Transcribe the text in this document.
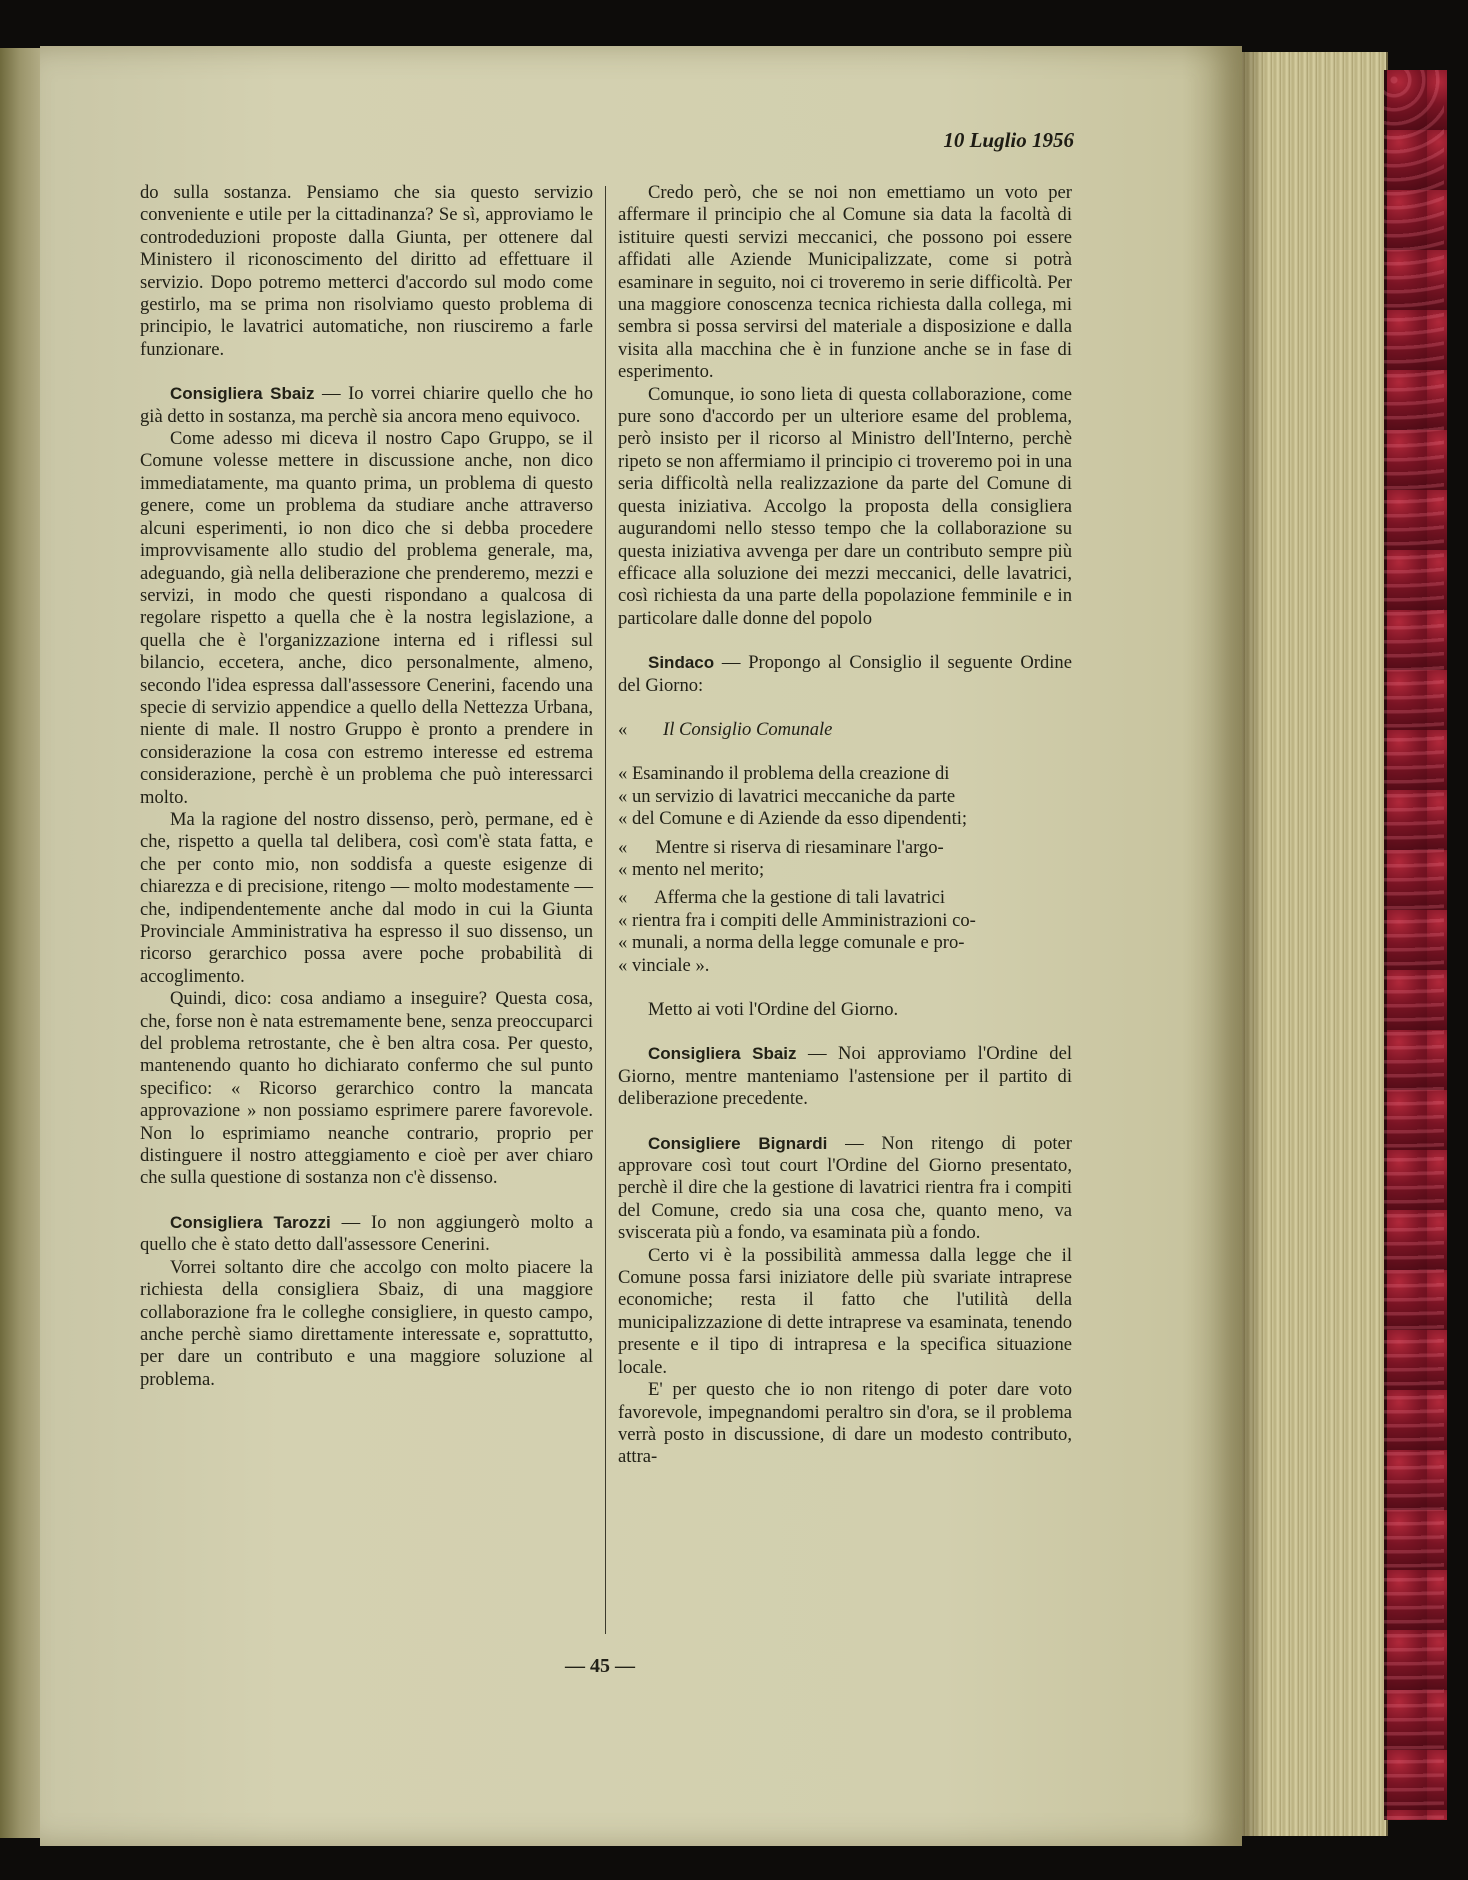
10 Luglio 1956

do sulla sostanza. Pensiamo che sia questo servizio conveniente e utile per la cittadinanza? Se sì, approviamo le controdeduzioni proposte dalla Giunta, per ottenere dal Ministero il riconoscimento del diritto ad effettuare il servizio. Dopo potremo metterci d'accordo sul modo come gestirlo, ma se prima non risolviamo questo problema di principio, le lavatrici automatiche, non riusciremo a farle funzionare.

Consigliera Sbaiz — Io vorrei chiarire quello che ho già detto in sostanza, ma perchè sia ancora meno equivoco.

Come adesso mi diceva il nostro Capo Gruppo, se il Comune volesse mettere in discussione anche, non dico immediatamente, ma quanto prima, un problema di questo genere, come un problema da studiare anche attraverso alcuni esperimenti, io non dico che si debba procedere improvvisamente allo studio del problema generale, ma, adeguando, già nella deliberazione che prenderemo, mezzi e servizi, in modo che questi rispondano a qualcosa di regolare rispetto a quella che è la nostra legislazione, a quella che è l'organizzazione interna ed i riflessi sul bilancio, eccetera, anche, dico personalmente, almeno, secondo l'idea espressa dall'assessore Cenerini, facendo una specie di servizio appendice a quello della Nettezza Urbana, niente di male. Il nostro Gruppo è pronto a prendere in considerazione la cosa con estremo interesse ed estrema considerazione, perchè è un problema che può interessarci molto.

Ma la ragione del nostro dissenso, però, permane, ed è che, rispetto a quella tal delibera, così com'è stata fatta, e che per conto mio, non soddisfa a queste esigenze di chiarezza e di precisione, ritengo — molto modestamente — che, indipendentemente anche dal modo in cui la Giunta Provinciale Amministrativa ha espresso il suo dissenso, un ricorso gerarchico possa avere poche probabilità di accoglimento.

Quindi, dico: cosa andiamo a inseguire? Questa cosa, che, forse non è nata estremamente bene, senza preoccuparci del problema retrostante, che è ben altra cosa. Per questo, mantenendo quanto ho dichiarato confermo che sul punto specifico: « Ricorso gerarchico contro la mancata approvazione » non possiamo esprimere parere favorevole. Non lo esprimiamo neanche contrario, proprio per distinguere il nostro atteggiamento e cioè per aver chiaro che sulla questione di sostanza non c'è dissenso.

Consigliera Tarozzi — Io non aggiungerò molto a quello che è stato detto dall'assessore Cenerini.

Vorrei soltanto dire che accolgo con molto piacere la richiesta della consigliera Sbaiz, di una maggiore collaborazione fra le colleghe consigliere, in questo campo, anche perchè siamo direttamente interessate e, soprattutto, per dare un contributo e una maggiore soluzione al problema.

Credo però, che se noi non emettiamo un voto per affermare il principio che al Comune sia data la facoltà di istituire questi servizi meccanici, che possono poi essere affidati alle Aziende Municipalizzate, come si potrà esaminare in seguito, noi ci troveremo in serie difficoltà. Per una maggiore conoscenza tecnica richiesta dalla collega, mi sembra si possa servirsi del materiale a disposizione e dalla visita alla macchina che è in funzione anche se in fase di esperimento.

Comunque, io sono lieta di questa collaborazione, come pure sono d'accordo per un ulteriore esame del problema, però insisto per il ricorso al Ministro dell'Interno, perchè ripeto se non affermiamo il principio ci troveremo poi in una seria difficoltà nella realizzazione da parte del Comune di questa iniziativa. Accolgo la proposta della consigliera augurandomi nello stesso tempo che la collaborazione su questa iniziativa avvenga per dare un contributo sempre più efficace alla soluzione dei mezzi meccanici, delle lavatrici, così richiesta da una parte della popolazione femminile e in particolare dalle donne del popolo

Sindaco — Propongo al Consiglio il seguente Ordine del Giorno:

« Il Consiglio Comunale

« Esaminando il problema della creazione di
« un servizio di lavatrici meccaniche da parte
« del Comune e di Aziende da esso dipendenti;
«      Mentre si riserva di riesaminare l'argo-
« mento nel merito;
«      Afferma che la gestione di tali lavatrici
« rientra fra i compiti delle Amministrazioni co-
« munali, a norma della legge comunale e pro-
« vinciale ».

Metto ai voti l'Ordine del Giorno.

Consigliera Sbaiz — Noi approviamo l'Ordine del Giorno, mentre manteniamo l'astensione per il partito di deliberazione precedente.

Consigliere Bignardi — Non ritengo di poter approvare così tout court l'Ordine del Giorno presentato, perchè il dire che la gestione di lavatrici rientra fra i compiti del Comune, credo sia una cosa che, quanto meno, va sviscerata più a fondo, va esaminata più a fondo.

Certo vi è la possibilità ammessa dalla legge che il Comune possa farsi iniziatore delle più svariate intraprese economiche; resta il fatto che l'utilità della municipalizzazione di dette intraprese va esaminata, tenendo presente e il tipo di intrapresa e la specifica situazione locale.

E' per questo che io non ritengo di poter dare voto favorevole, impegnandomi peraltro sin d'ora, se il problema verrà posto in discussione, di dare un modesto contributo, attra-

— 45 —
